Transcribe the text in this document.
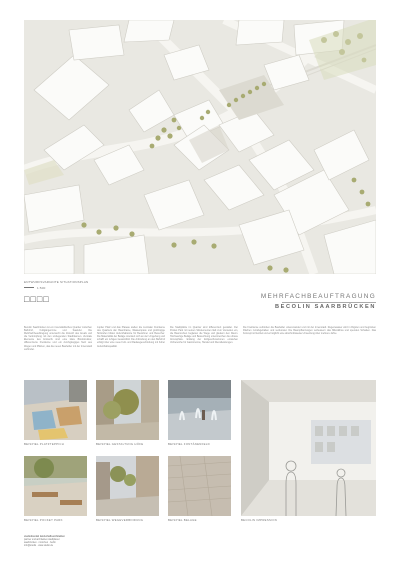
ENTWURFSVARIANTE SITUATIONSPLAN
1:500
□□□□	MEHRFACHBEAUFTRAGUNG
BECOLIN SAARBRÜCKEN
Becolin Saarbrücken ist ein innerstädtisches Quartier zwischen Bahnhof, Fußgängerzone und Saarufer. Die Mehrfachbeauftragung untersucht die Zukunft des Areals und die Verknüpfung mit den umliegenden Stadträumen. Zentrale Elemente des Entwurfs sind eine klare Blockstruktur, differenzierte Freiräume und ein durchgängiges Netz aus Wegen und Plätzen, das die neuen Baufelder mit der Innenstadt verbindet.
Jupiter Platz und das Plateau stellen die zentralen Freiräume des Quartiers dar. Baumhaine, Wasserspiele und großzügige Sitzstufen bilden Aufenthaltsorte für Bewohner und Besucher. Die Materialität der Beläge orientiert sich an der Umgebung und schafft ein ruhiges Gesamtbild. Die Anbindung an den Bahnhof erfolgt über eine neue Fuß- und Radwegeverbindung mit hoher Aufenthaltsqualität.
Die Stadtplätze im Quartier sind differenziert gestaltet. Der Pocket Park mit seinen Sitzelementen lädt zum Verweilen ein, die Baumreihen begleiten die Wege und gliedern den Raum. Hochwertige Beläge und Beleuchtung unterstreichen die urbane Atmosphäre. Entlang der Erdgeschosszonen entstehen Vorbereiche für Gastronomie, Handel und Dienstleistungen.
Die Freiräume verbinden die Baufelder untereinander und mit der Innenstadt. Regenwasser wird in Rigolen und begrünten Flächen zurückgehalten und verdunstet. Die Baumpflanzungen verbessern das Mikroklima und spenden Schatten. Das Konzept ist flexibel und ermöglicht eine abschnittsweise Umsetzung über mehrere Jahre.
BEISPIEL PLATZTEPPICH	BEISPIEL GESTALTUNG HÖFE	BEISPIEL FONTÄNENFELD
BEISPIEL POCKET PARK	BEISPIEL WEGEVERBINDUNG	BEISPIEL BELAGE	BECOLIN IMPRESSION
studiobrendel landschaftsarchitekten
partner und architekten stadtplaner
saarbrücken · münchen · berlin
info@studio · www.studio.de
